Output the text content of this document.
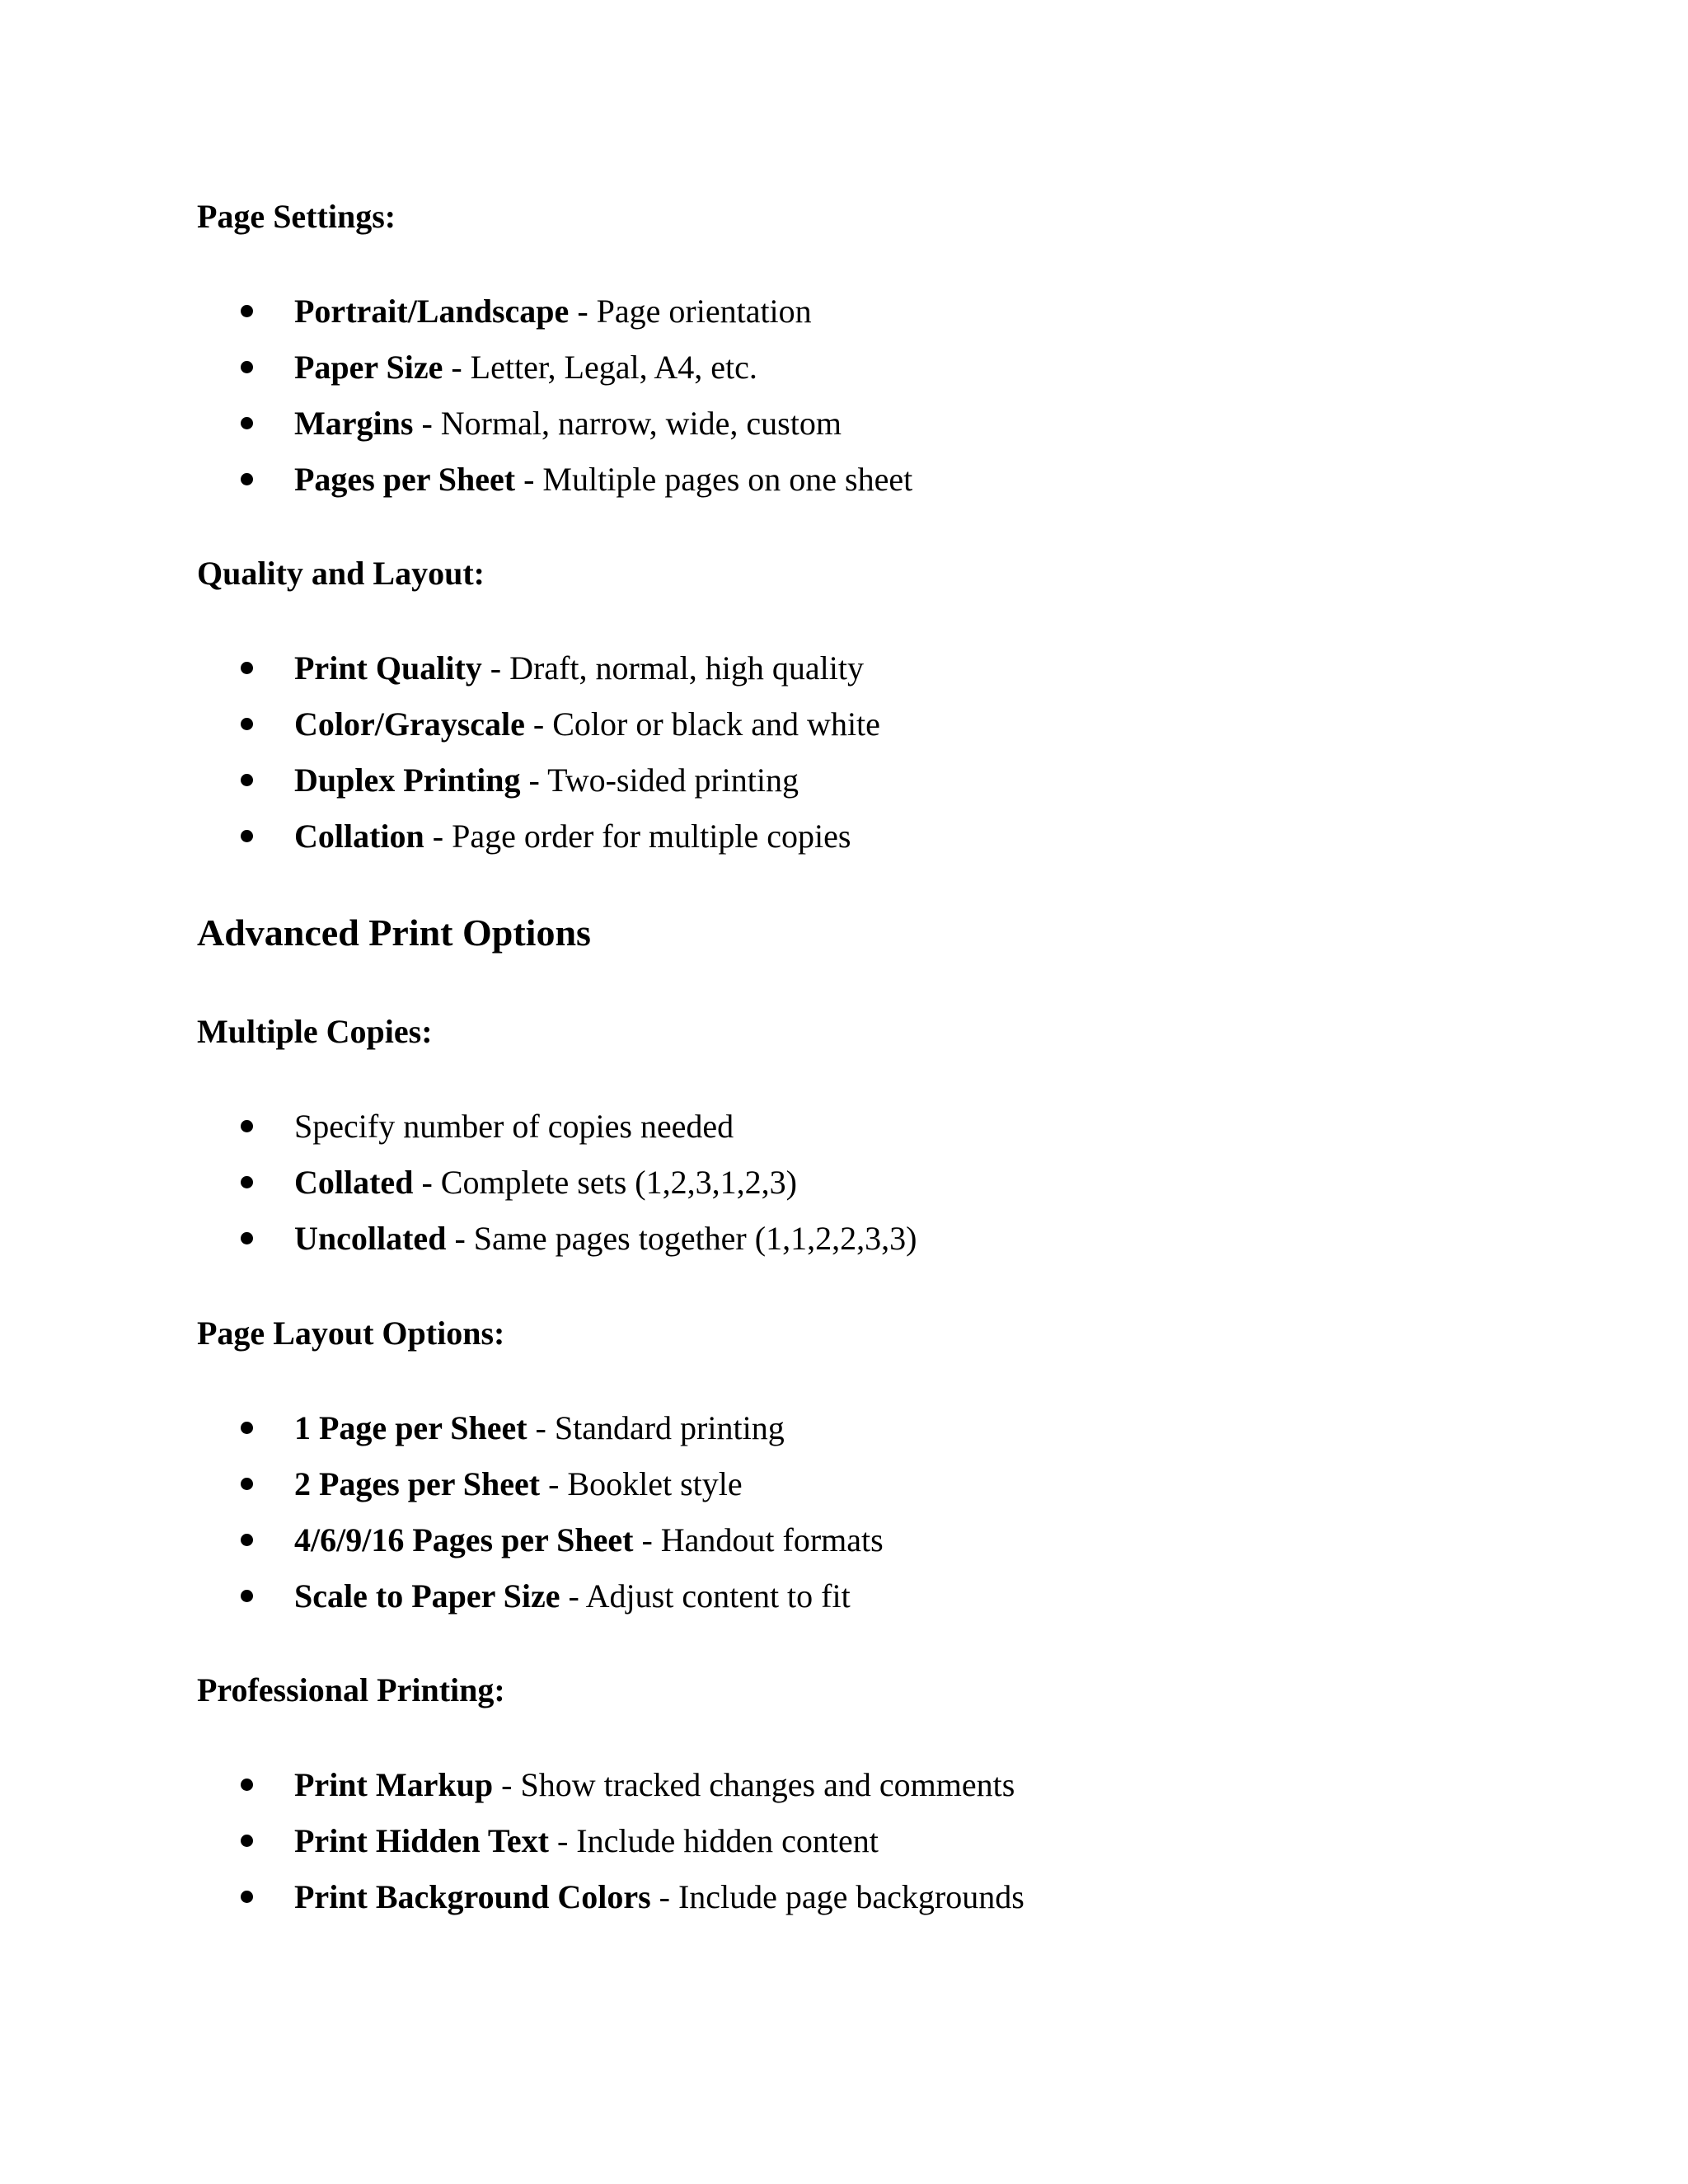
Page Settings:
Portrait/Landscape - Page orientation
Paper Size - Letter, Legal, A4, etc.
Margins - Normal, narrow, wide, custom
Pages per Sheet - Multiple pages on one sheet
Quality and Layout:
Print Quality - Draft, normal, high quality
Color/Grayscale - Color or black and white
Duplex Printing - Two-sided printing
Collation - Page order for multiple copies
Advanced Print Options
Multiple Copies:
Specify number of copies needed
Collated - Complete sets (1,2,3,1,2,3)
Uncollated - Same pages together (1,1,2,2,3,3)
Page Layout Options:
1 Page per Sheet - Standard printing
2 Pages per Sheet - Booklet style
4/6/9/16 Pages per Sheet - Handout formats
Scale to Paper Size - Adjust content to fit
Professional Printing:
Print Markup - Show tracked changes and comments
Print Hidden Text - Include hidden content
Print Background Colors - Include page backgrounds
